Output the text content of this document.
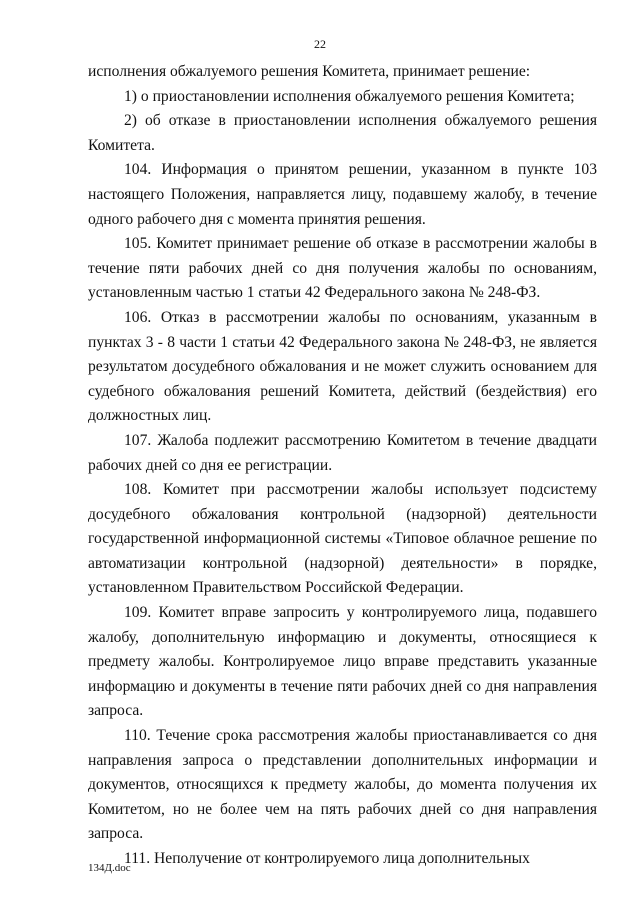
22

исполнения обжалуемого решения Комитета, принимает решение:

1) о приостановлении исполнения обжалуемого решения Комитета;

2) об отказе в приостановлении исполнения обжалуемого решения Комитета.

104. Информация о принятом решении, указанном в пункте 103 настоящего Положения, направляется лицу, подавшему жалобу, в течение одного рабочего дня с момента принятия решения.

105. Комитет принимает решение об отказе в рассмотрении жалобы в течение пяти рабочих дней со дня получения жалобы по основаниям, установленным частью 1 статьи 42 Федерального закона № 248-ФЗ.

106. Отказ в рассмотрении жалобы по основаниям, указанным в пунктах 3 - 8 части 1 статьи 42 Федерального закона № 248-ФЗ, не является результатом досудебного обжалования и не может служить основанием для судебного обжалования решений Комитета, действий (бездействия) его должностных лиц.

107. Жалоба подлежит рассмотрению Комитетом в течение двадцати рабочих дней со дня ее регистрации.

108. Комитет при рассмотрении жалобы использует подсистему досудебного обжалования контрольной (надзорной) деятельности государственной информационной системы «Типовое облачное решение по автоматизации контрольной (надзорной) деятельности» в порядке, установленном Правительством Российской Федерации.

109. Комитет вправе запросить у контролируемого лица, подавшего жалобу, дополнительную информацию и документы, относящиеся к предмету жалобы. Контролируемое лицо вправе представить указанные информацию и документы в течение пяти рабочих дней со дня направления запроса.

110. Течение срока рассмотрения жалобы приостанавливается со дня направления запроса о представлении дополнительных информации и документов, относящихся к предмету жалобы, до момента получения их Комитетом, но не более чем на пять рабочих дней со дня направления запроса.

111. Неполучение от контролируемого лица дополнительных

134Д.doc
